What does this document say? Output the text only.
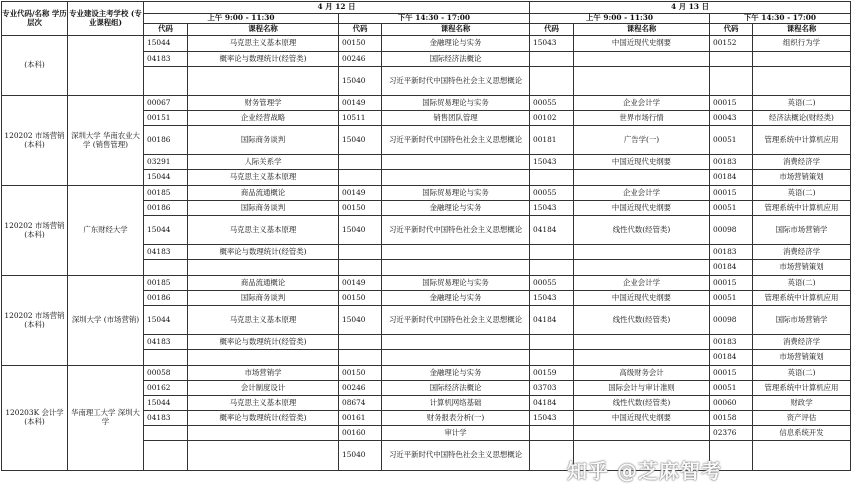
专业代码/名称 学历层次	专业建设主考学校 (专业课程组)	4 月 12 日				4 月 13 日			
		上午 9:00 - 11:30		下午 14:30 - 17:00		上午 9:00 - 11:30		下午 14:30 - 17:00	
		代码	课程名称	代码	课程名称	代码	课程名称	代码	课程名称
(本科)		15044	马克思主义基本原理	00150	金融理论与实务	15043	中国近现代史纲要	00152	组织行为学
		04183	概率论与数理统计(经管类)	00246	国际经济法概论				
				15040	习近平新时代中国特色社会主义思想概论				
120202 市场营销 (本科)	深圳大学 华南农业大学 (销售管理)	00067	财务管理学	00149	国际贸易理论与实务	00055	企业会计学	00015	英语(二)
		00151	企业经营战略	10511	销售团队管理	00102	世界市场行情	00043	经济法概论(财经类)
		00186	国际商务谈判	15040	习近平新时代中国特色社会主义思想概论	00181	广告学(一)	00051	管理系统中计算机应用
		03291	人际关系学			15043	中国近现代史纲要	00183	消费经济学
		15044	马克思主义基本原理					00184	市场营销策划
120202 市场营销 (本科)	广东财经大学	00185	商品流通概论	00149	国际贸易理论与实务	00055	企业会计学	00015	英语(二)
		00186	国际商务谈判	00150	金融理论与实务	15043	中国近现代史纲要	00051	管理系统中计算机应用
		15044	马克思主义基本原理	15040	习近平新时代中国特色社会主义思想概论	04184	线性代数(经管类)	00098	国际市场营销学
		04183	概率论与数理统计(经管类)					00183	消费经济学
								00184	市场营销策划
120202 市场营销 (本科)	深圳大学 (市场营销)	00185	商品流通概论	00149	国际贸易理论与实务	00055	企业会计学	00015	英语(二)
		00186	国际商务谈判	00150	金融理论与实务	15043	中国近现代史纲要	00051	管理系统中计算机应用
		15044	马克思主义基本原理	15040	习近平新时代中国特色社会主义思想概论	04184	线性代数(经管类)	00098	国际市场营销学
		04183	概率论与数理统计(经管类)					00183	消费经济学
								00184	市场营销策划
120203K 会计学 (本科)	华南理工大学 深圳大学	00058	市场营销学	00150	金融理论与实务	00159	高级财务会计	00015	英语(二)
		00162	会计制度设计	00246	国际经济法概论	03703	国际会计与审计准则	00051	管理系统中计算机应用
		15044	马克思主义基本原理	08674	计算机网络基础	04184	线性代数(经管类)	00060	财政学
		04183	概率论与数理统计(经管类)	00161	财务报表分析(一)	15043	中国近现代史纲要	00158	资产评估
				00160	审计学			02376	信息系统开发
				15040	习近平新时代中国特色社会主义思想概论				
知乎 @芝麻智考
